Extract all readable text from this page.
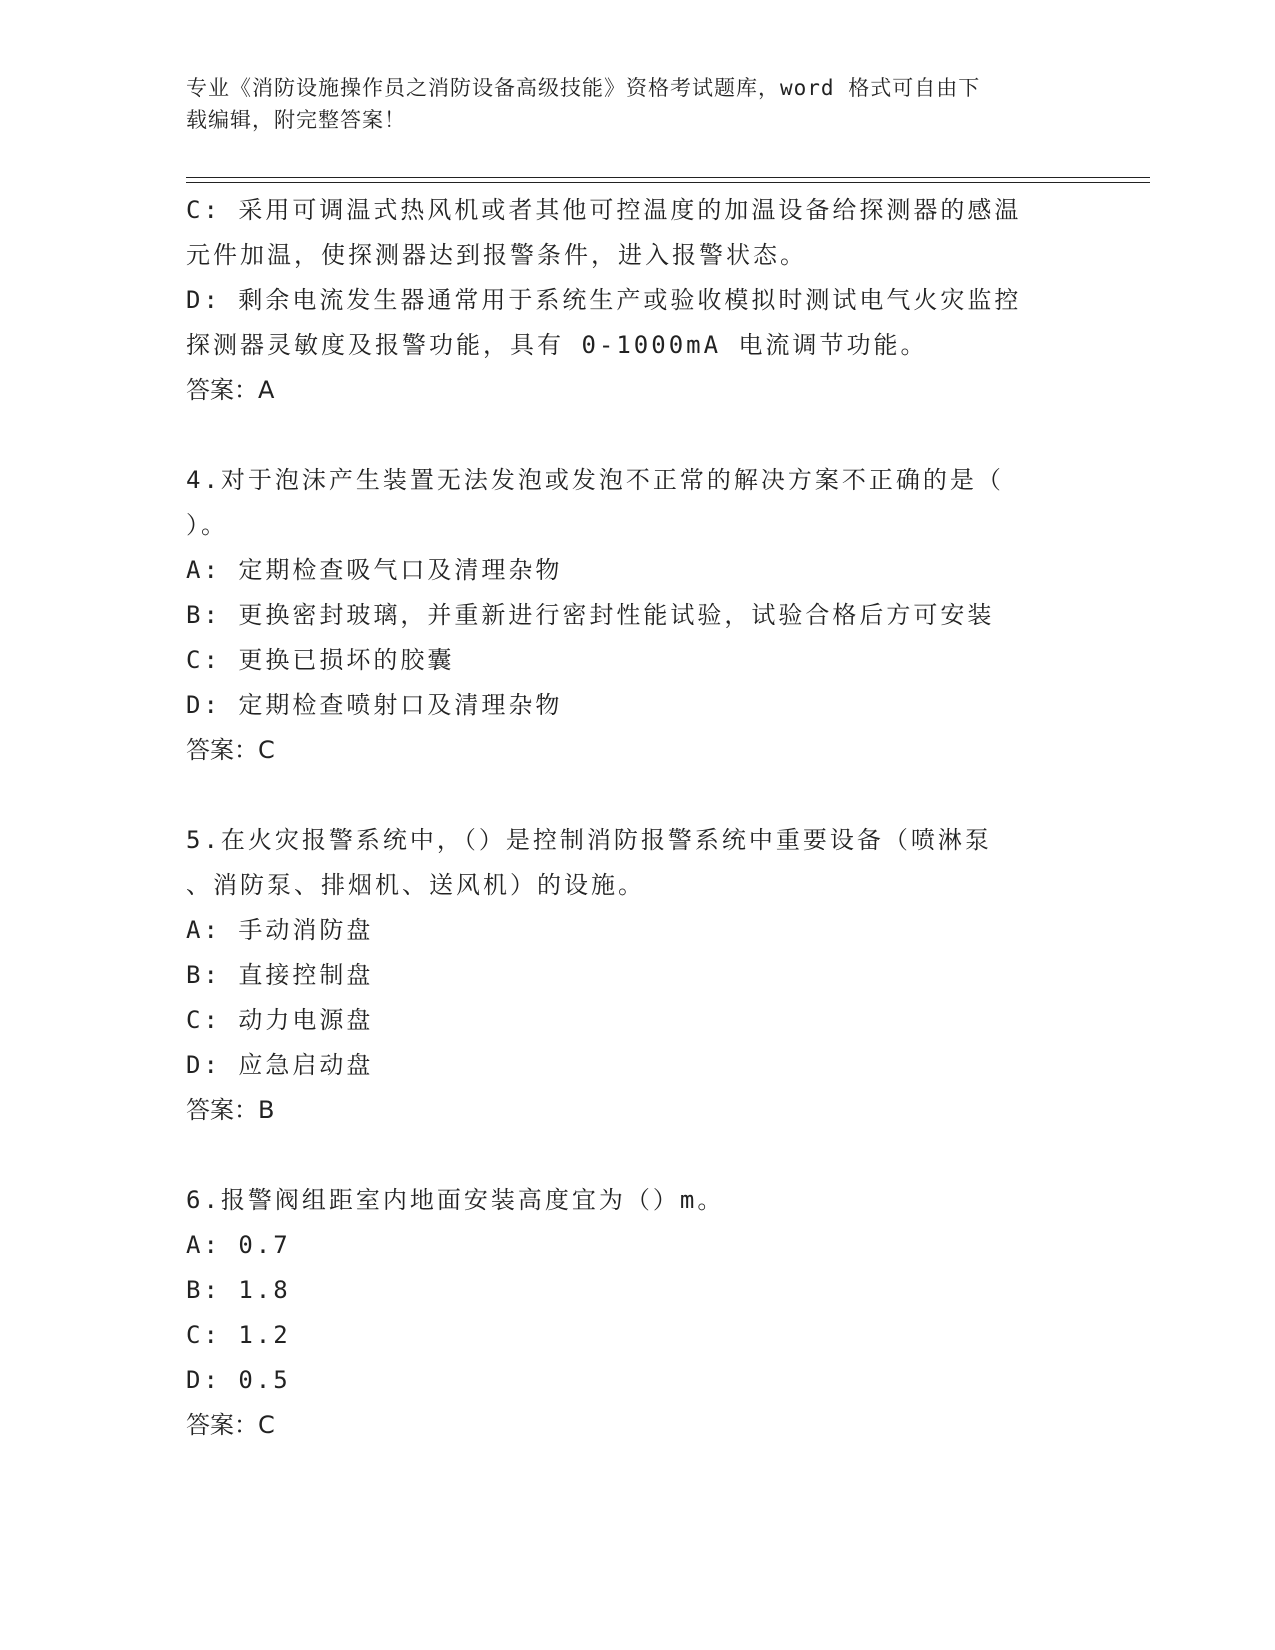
专业《消防设施操作员之消防设备高级技能》资格考试题库，word 格式可自由下
载编辑，附完整答案！
C: 采用可调温式热风机或者其他可控温度的加温设备给探测器的感温
元件加温，使探测器达到报警条件，进入报警状态。
D: 剩余电流发生器通常用于系统生产或验收模拟时测试电气火灾监控
探测器灵敏度及报警功能，具有 0-1000mA 电流调节功能。
答案：A
4.对于泡沫产生装置无法发泡或发泡不正常的解决方案不正确的是（
）。
A: 定期检查吸气口及清理杂物
B: 更换密封玻璃，并重新进行密封性能试验，试验合格后方可安装
C: 更换已损坏的胶囊
D: 定期检查喷射口及清理杂物
答案：C
5.在火灾报警系统中，（）是控制消防报警系统中重要设备（喷淋泵
、消防泵、排烟机、送风机）的设施。
A: 手动消防盘
B: 直接控制盘
C: 动力电源盘
D: 应急启动盘
答案：B
6.报警阀组距室内地面安装高度宜为（）m。
A: 0.7
B: 1.8
C: 1.2
D: 0.5
答案：C
